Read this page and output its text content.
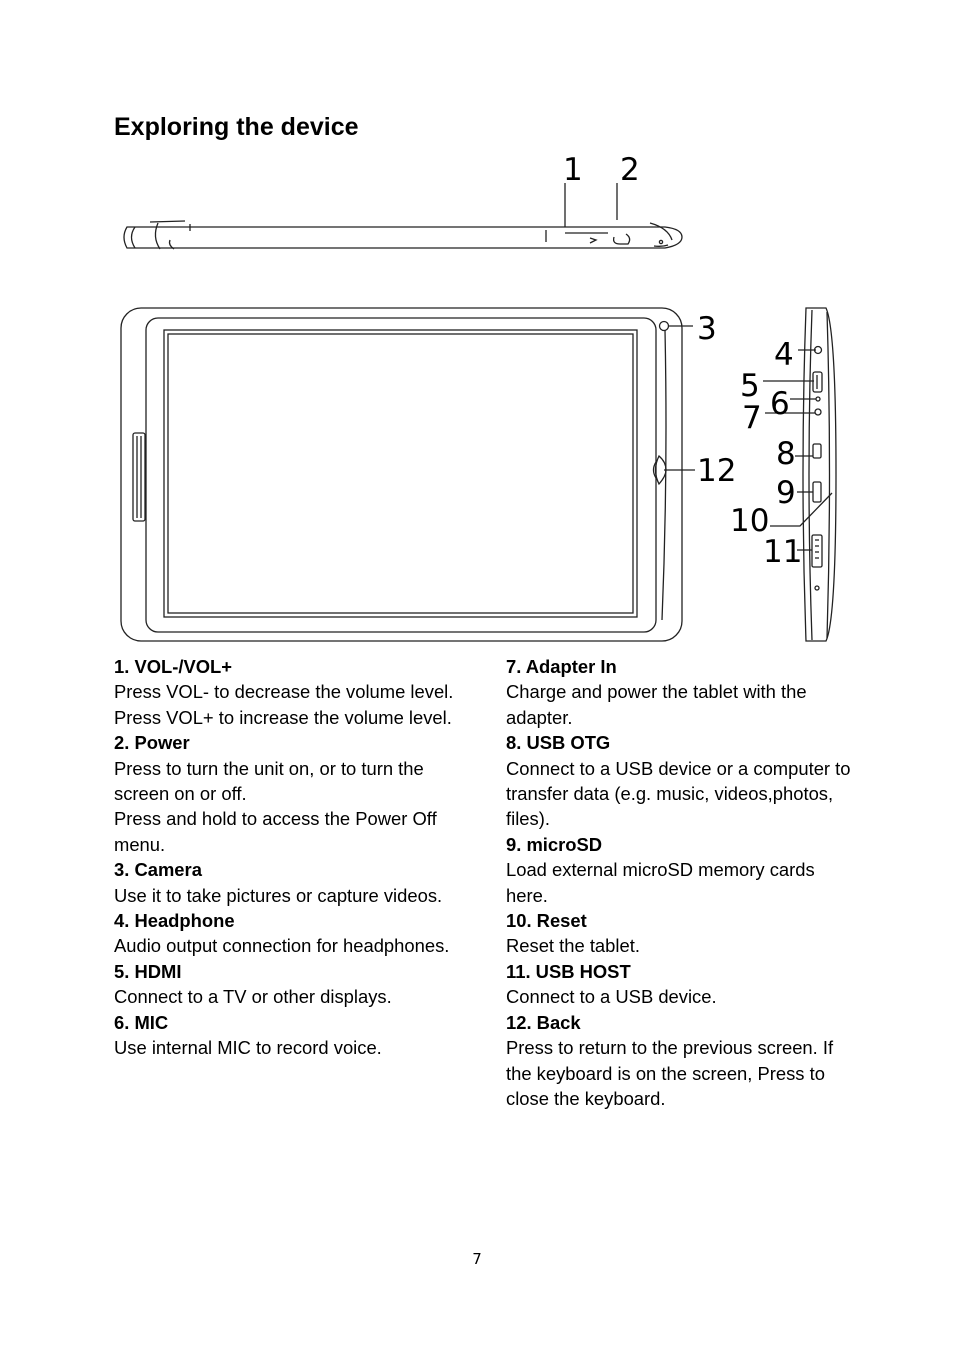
Exploring the device
1 2
3
4
5 6
7
8
9
10
11
12

1. VOL-/VOL+

Press VOL- to decrease the volume level. Press VOL+ to increase the volume level.

2. Power

Press to turn the unit on, or to turn the screen on or off.

Press and hold to access the Power Off menu.

3. Camera

Use it to take pictures or capture videos.

4. Headphone

Audio output connection for headphones.

5. HDMI

Connect to a TV or other displays.

6. MIC

Use internal MIC to record voice.

7. Adapter In

Charge and power the tablet with the adapter.

8. USB OTG

Connect to a USB device or a computer to transfer data (e.g. music, videos,photos, files).

9. microSD

Load external microSD memory cards here.

10. Reset

Reset the tablet.

11. USB HOST

Connect to a USB device.

12. Back

Press to return to the previous screen. If the keyboard is on the screen, Press to close the keyboard.

7
